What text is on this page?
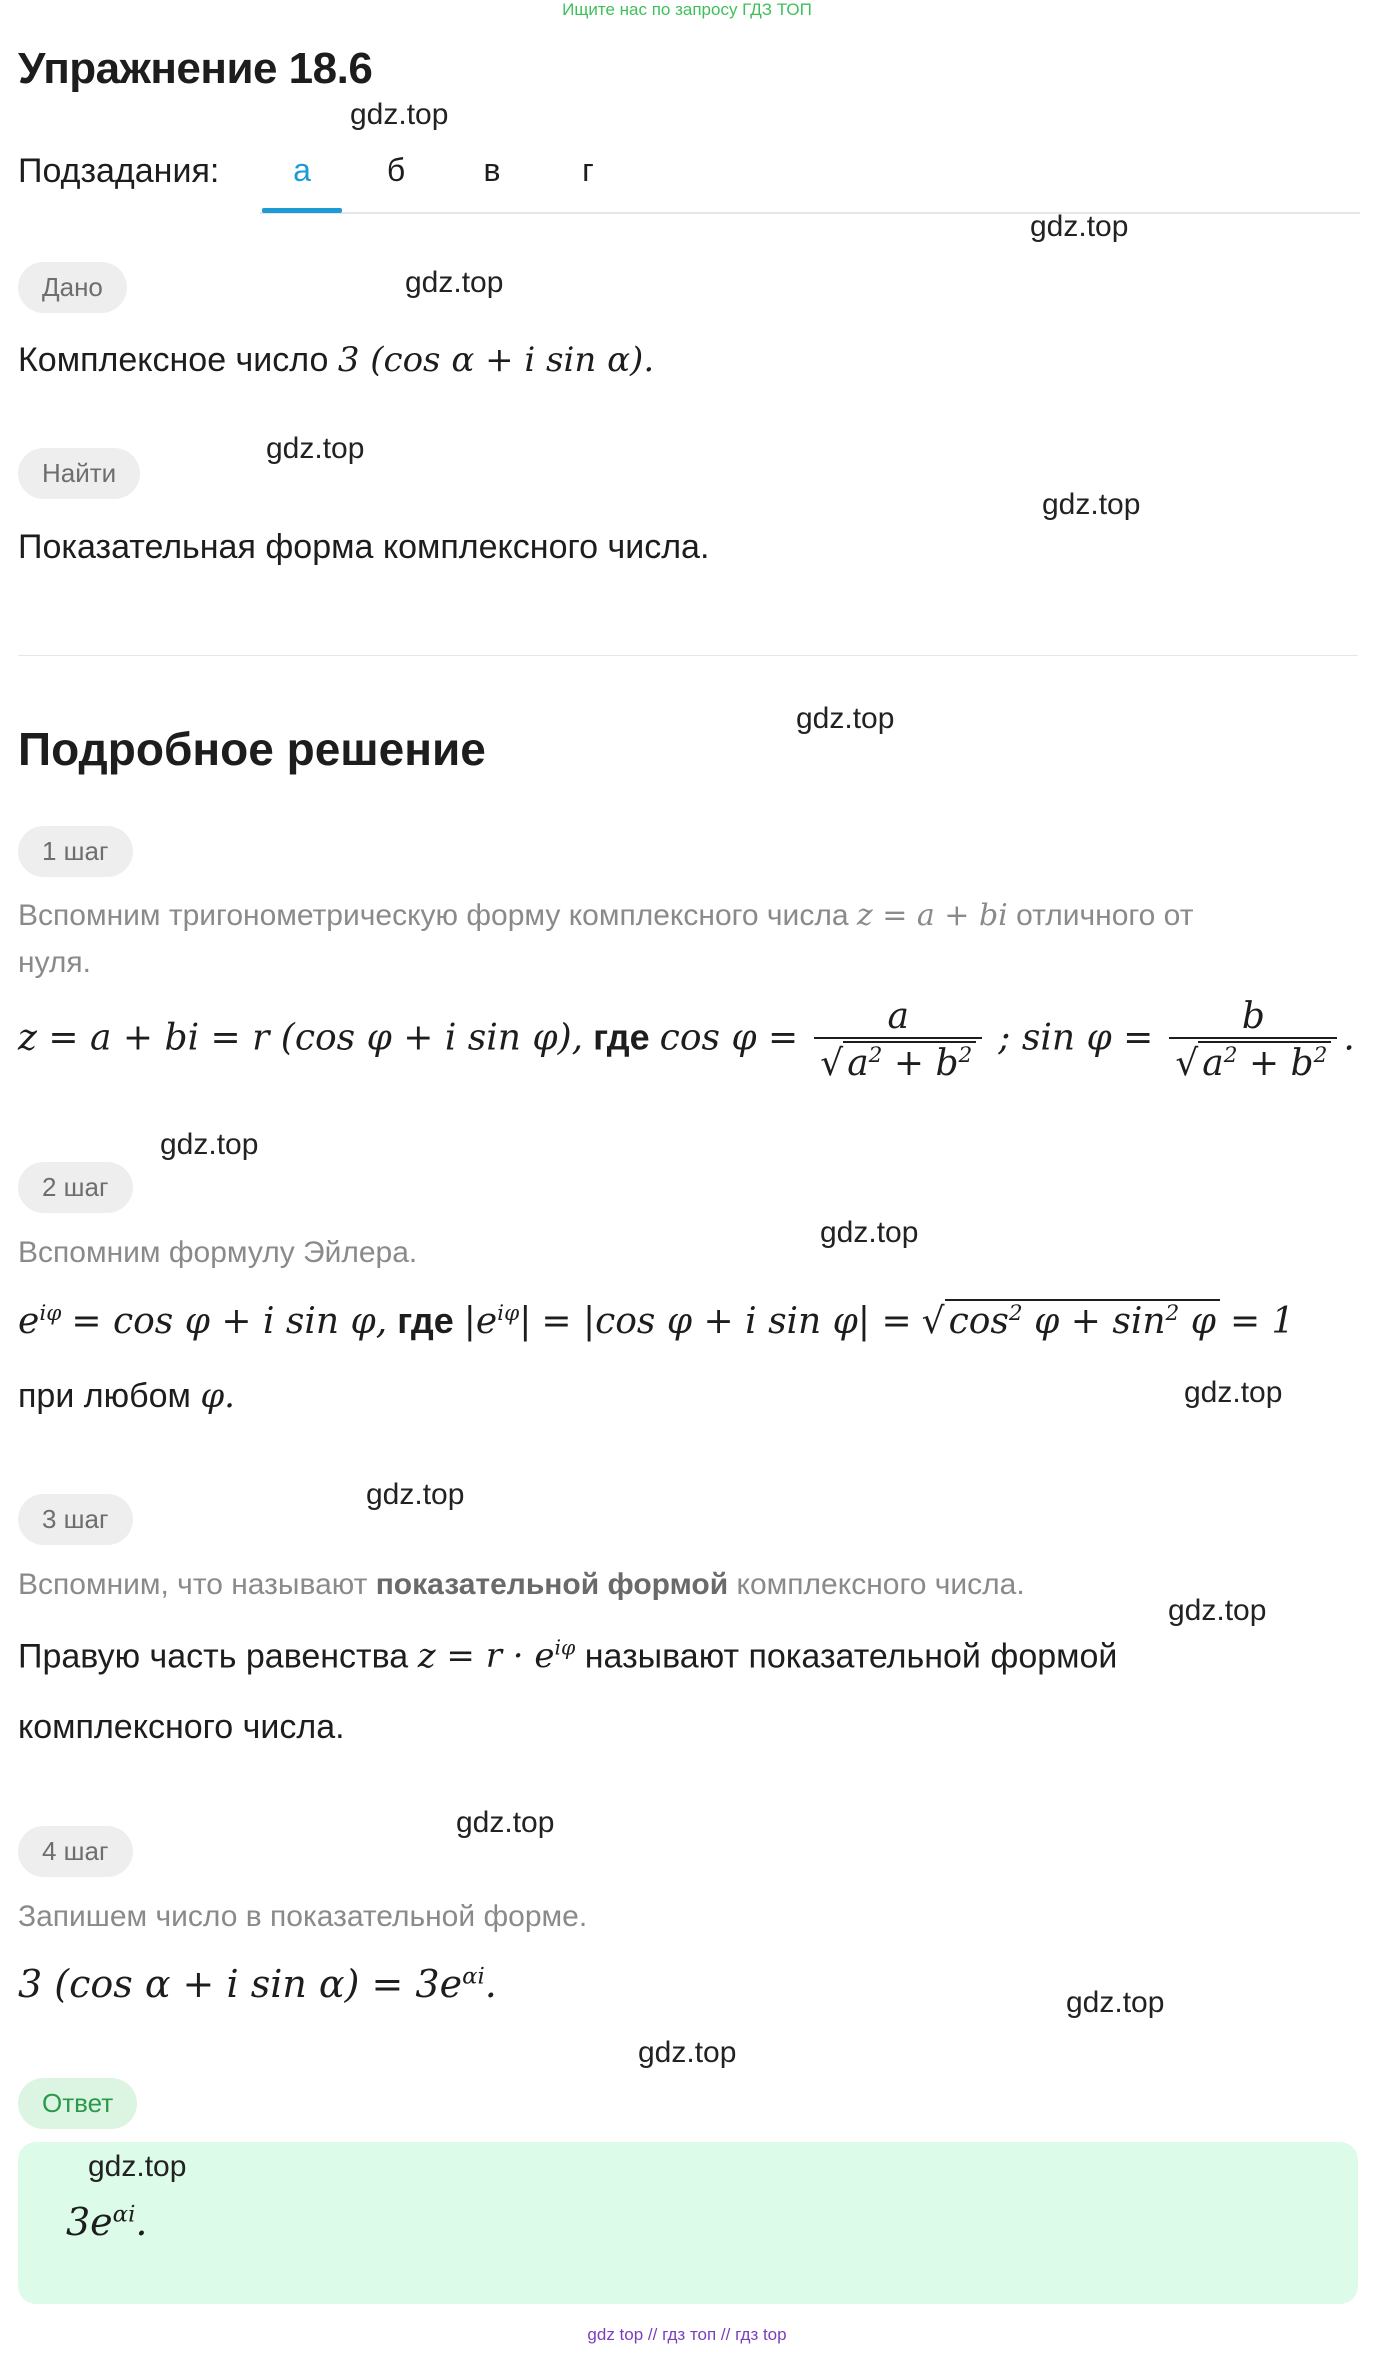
Ищите нас по запросу ГДЗ ТОП
Упражнение 18.6
Подзадания:	а	б	в	г
Дано
Комплексное число 3 (cos α + i sin α).
Найти
Показательная форма комплексного числа.
Подробное решение
1 шаг
Вспомним тригонометрическую форму комплексного числа z = a + bi отличного от
нуля.
z = a + bi = r (cos φ + i sin φ), где $\cos \varphi = \frac{a}{√ a^2 + b^2}$ ; $\sin \varphi = \frac{b}{√ a^2 + b^2}$ .
2 шаг
Вспомним формулу Эйлера.
$e^{i\varphi} = \cos \varphi + i$ sin φ, где $|e^{i\varphi}| = |\cos$ φ + i sin φ| = √ $\cos^2 \varphi + \sin^2 \varphi = 1$
при любом φ.
3 шаг
Вспомним, что называют показательной формой комплексного числа.
Правую часть равенства $z = r \cdot e^{i\varphi}$ называют показательной формой
комплексного числа.
4 шаг
Запишем число в показательной форме.
3 (cos α + i $\sin \alpha) = 3e^{\alpha i}$.
Ответ
$3e^{\alpha i}$.
gdz.top
gdz.top
gdz.top
gdz.top
gdz.top
gdz.top
gdz.top
gdz.top
gdz.top
gdz.top
gdz.top
gdz.top
gdz.top
gdz.top
gdz.top
gdz top // гдз топ // гдз top
